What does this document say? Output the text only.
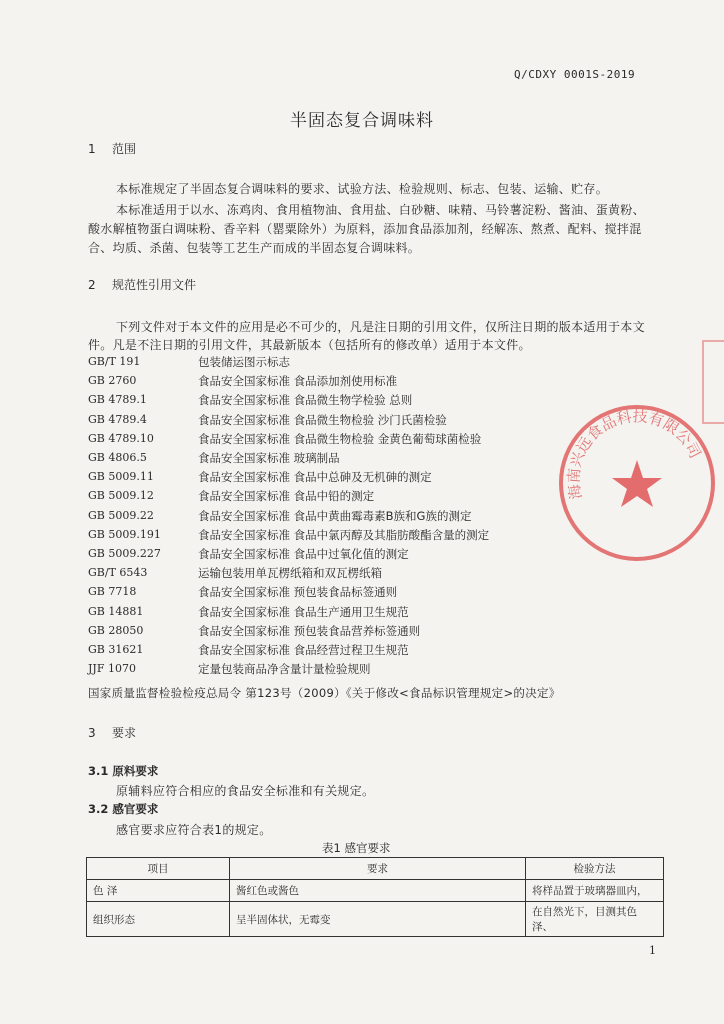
Q/CDXY 0001S-2019
半固态复合调味料
1 范围
本标准规定了半固态复合调味料的要求、试验方法、检验规则、标志、包装、运输、贮存。
本标准适用于以水、冻鸡肉、食用植物油、食用盐、白砂糖、味精、马铃薯淀粉、酱油、蛋黄粉、
酸水解植物蛋白调味粉、香辛料（罂粟除外）为原料，添加食品添加剂，经解冻、熬煮、配料、搅拌混
合、均质、杀菌、包装等工艺生产而成的半固态复合调味料。
2 规范性引用文件
下列文件对于本文件的应用是必不可少的，凡是注日期的引用文件，仅所注日期的版本适用于本文
件。凡是不注日期的引用文件，其最新版本（包括所有的修改单）适用于本文件。
GB/T 191	包装储运图示标志
GB 2760	食品安全国家标准 食品添加剂使用标准
GB 4789.1	食品安全国家标准 食品微生物学检验 总则
GB 4789.4	食品安全国家标准 食品微生物检验 沙门氏菌检验
GB 4789.10	食品安全国家标准 食品微生物检验 金黄色葡萄球菌检验
GB 4806.5	食品安全国家标准 玻璃制品
GB 5009.11	食品安全国家标准 食品中总砷及无机砷的测定
GB 5009.12	食品安全国家标准 食品中铅的测定
GB 5009.22	食品安全国家标准 食品中黄曲霉毒素B族和G族的测定
GB 5009.191	食品安全国家标准 食品中氯丙醇及其脂肪酸酯含量的测定
GB 5009.227	食品安全国家标准 食品中过氧化值的测定
GB/T 6543	运输包装用单瓦楞纸箱和双瓦楞纸箱
GB 7718	食品安全国家标准 预包装食品标签通则
GB 14881	食品安全国家标准 食品生产通用卫生规范
GB 28050	食品安全国家标准 预包装食品营养标签通则
GB 31621	食品安全国家标准 食品经营过程卫生规范
JJF 1070	定量包装商品净含量计量检验规则
国家质量监督检验检疫总局令 第123号（2009）《关于修改<食品标识管理规定>的决定》
3 要求
3.1 原料要求
原辅料应符合相应的食品安全标准和有关规定。
3.2 感官要求
感官要求应符合表1的规定。
表1 感官要求
项目	要求	检验方法
色 泽	酱红色或酱色	将样品置于玻璃器皿内，
组织形态	呈半固体状，无霉变	在自然光下，目测其色泽、
1
海南兴远食品科技有限公司
